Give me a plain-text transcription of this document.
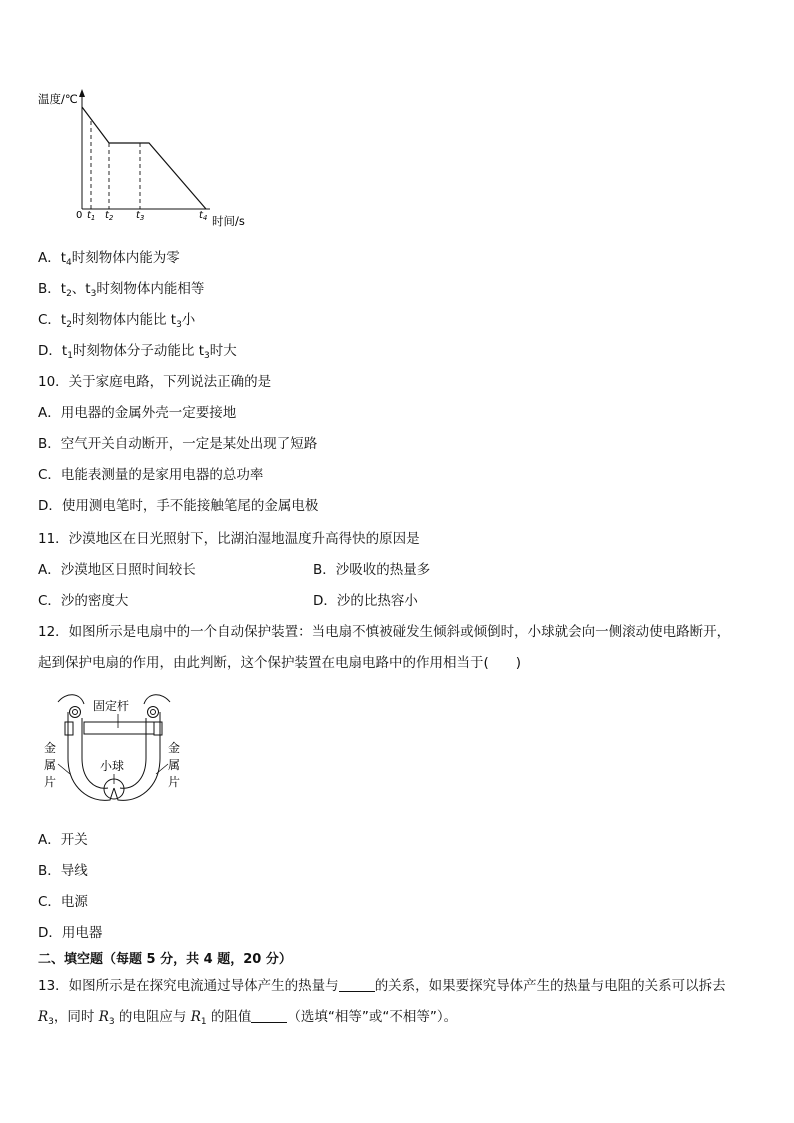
温度/℃
时间/s
0 $t_1$ $t_2$ $t_3$	$t_4$
A．$t_4$时刻物体内能为零
B．$t_2$、$t_3$时刻物体内能相等
C．$t_2$时刻物体内能比 $t_3$小
D．$t_1$时刻物体分子动能比 $t_3$时大
10．关于家庭电路，下列说法正确的是
A．用电器的金属外壳一定要接地
B．空气开关自动断开，一定是某处出现了短路
C．电能表测量的是家用电器的总功率
D．使用测电笔时，手不能接触笔尾的金属电极
11．沙漠地区在日光照射下，比湖泊湿地温度升高得快的原因是
A．沙漠地区日照时间较长	B．沙吸收的热量多
C．沙的密度大	D．沙的比热容小
12．如图所示是电扇中的一个自动保护装置：当电扇不慎被碰发生倾斜或倾倒时，小球就会向一侧滚动使电路断开，
起到保护电扇的作用，由此判断，这个保护装置在电扇电路中的作用相当于(　　)
固定杆
小球
金
属
片
金
属
片
A．开关
B．导线
C．电源
D．用电器
二、填空题（每题 5 分，共 4 题，20 分）
13．如图所示是在探究电流通过导体产生的热量与	的关系，如果要探究导体产生的热量与电阻的关系可以拆去
$R_3$，同时 $R_3$ 的电阻应与 $R_1$ 的阻值	（选填“相等”或“不相等”）。
